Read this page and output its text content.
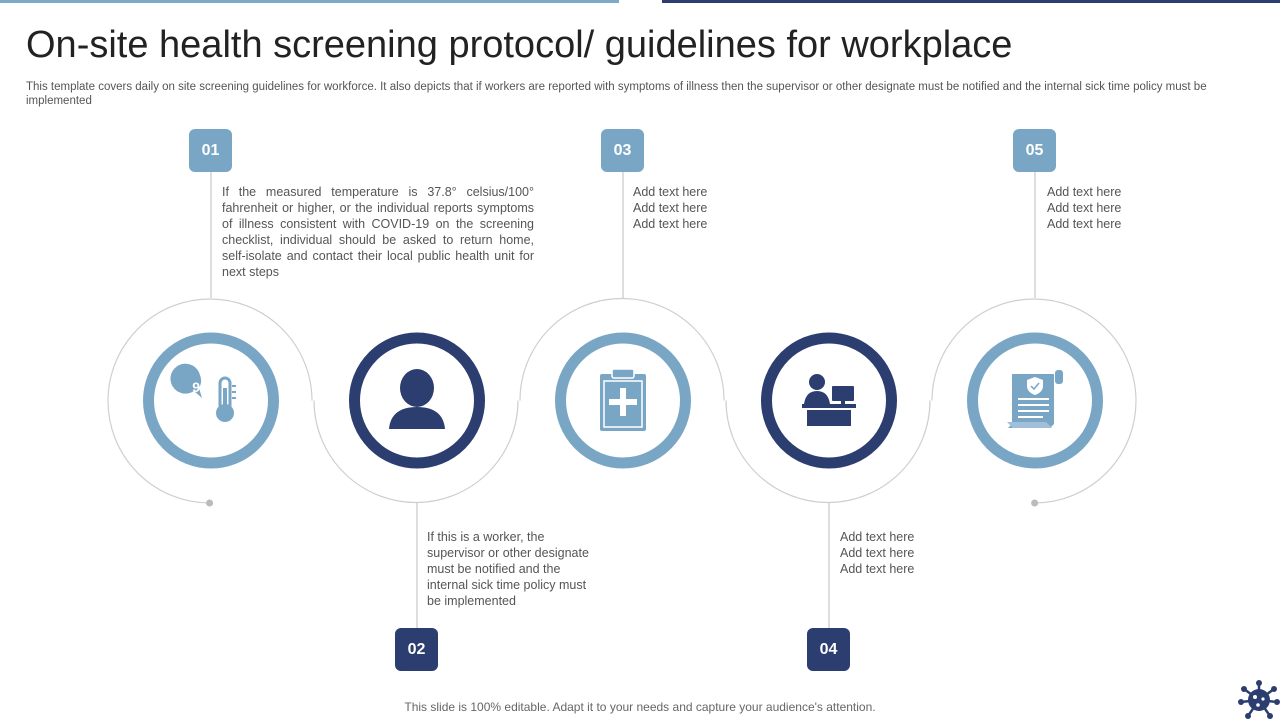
On-site health screening protocol/ guidelines for workplace

This template covers daily on site screening guidelines for workforce. It also depicts that if workers are reported with symptoms of illness then the supervisor or other designate must be notified and the internal sick time policy must be implemented

90
01
02
03
04
05

If the measured temperature is 37.8° celsius/100° fahrenheit or higher, or the individual reports symptoms of illness consistent with COVID-19 on the screening checklist, individual should be asked to return home, self-isolate and contact their local public health unit for next steps

If this is a worker, the supervisor or other designate must be notified and the internal sick time policy must be implemented

Add text here
Add text here
Add text here
Add text here
Add text here
Add text here
Add text here
Add text here
Add text here
This slide is 100% editable. Adapt it to your needs and capture your audience's attention.
